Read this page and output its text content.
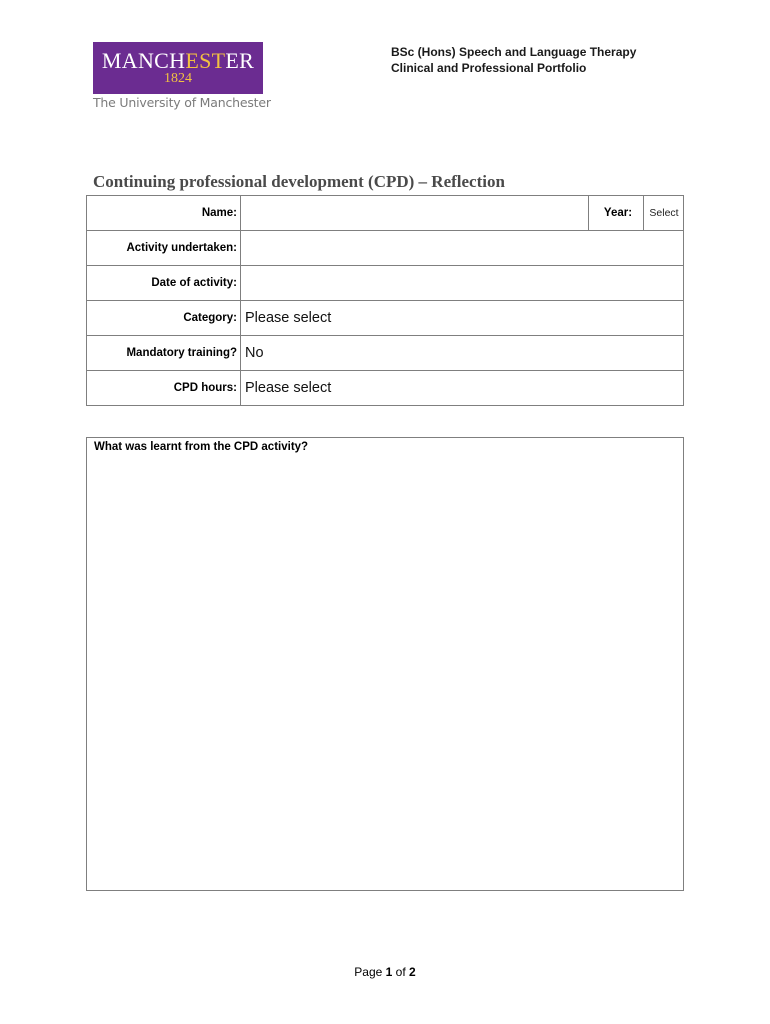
MANCHESTER
1824
The University of Manchester
BSc (Hons) Speech and Language Therapy
Clinical and Professional Portfolio
Continuing professional development (CPD) – Reflection
Name:	Year:	Select
Activity undertaken:
Date of activity:
Category: Please select
Mandatory training? No
CPD hours: Please select
What was learnt from the CPD activity?
Page 1 of 2
